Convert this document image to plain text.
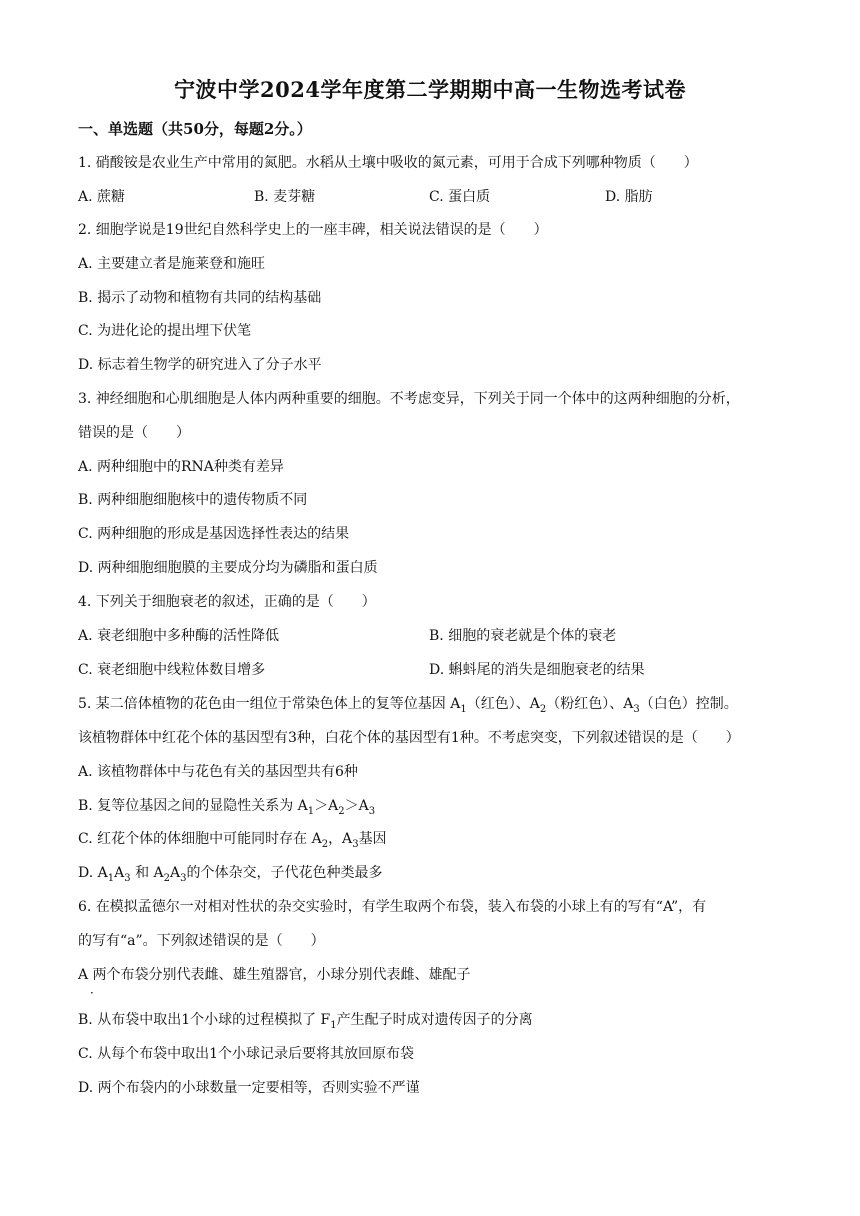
宁波中学2024学年度第二学期期中高一生物选考试卷
一、单选题（共50分，每题2分。）
1. 硝酸铵是农业生产中常用的氮肥。水稻从土壤中吸收的氮元素，可用于合成下列哪种物质（　　）
A. 蔗糖	B. 麦芽糖	C. 蛋白质	D. 脂肪
2. 细胞学说是19世纪自然科学史上的一座丰碑，相关说法错误的是（　　）
A. 主要建立者是施莱登和施旺
B. 揭示了动物和植物有共同的结构基础
C. 为进化论的提出埋下伏笔
D. 标志着生物学的研究进入了分子水平
3. 神经细胞和心肌细胞是人体内两种重要的细胞。不考虑变异，下列关于同一个体中的这两种细胞的分析，
错误的是（　　）
A. 两种细胞中的RNA种类有差异
B. 两种细胞细胞核中的遗传物质不同
C. 两种细胞的形成是基因选择性表达的结果
D. 两种细胞细胞膜的主要成分均为磷脂和蛋白质
4. 下列关于细胞衰老的叙述，正确的是（　　）
A. 衰老细胞中多种酶的活性降低	B. 细胞的衰老就是个体的衰老
C. 衰老细胞中线粒体数目增多	D. 蝌蚪尾的消失是细胞衰老的结果
5. 某二倍体植物的花色由一组位于常染色体上的复等位基因 $A_1$（红色）、$A_2$（粉红色）、$A_3$（白色）控制。
该植物群体中红花个体的基因型有3种，白花个体的基因型有1种。不考虑突变，下列叙述错误的是（　　）
A. 该植物群体中与花色有关的基因型共有6种
B. 复等位基因之间的显隐性关系为 $A_1>A_2>A_3$
C. 红花个体的体细胞中可能同时存在 $A_2$，$A_3$基因
D. $A_1A_3$ 和 $A_2A_3$的个体杂交，子代花色种类最多
6. 在模拟孟德尔一对相对性状的杂交实验时，有学生取两个布袋，装入布袋的小球上有的写有“A”，有
的写有“a”。下列叙述错误的是（　　）
A 两个布袋分别代表雌、雄生殖器官，小球分别代表雌、雄配子
·
B. 从布袋中取出1个小球的过程模拟了 $F_1$产生配子时成对遗传因子的分离
C. 从每个布袋中取出1个小球记录后要将其放回原布袋
D. 两个布袋内的小球数量一定要相等，否则实验不严谨
